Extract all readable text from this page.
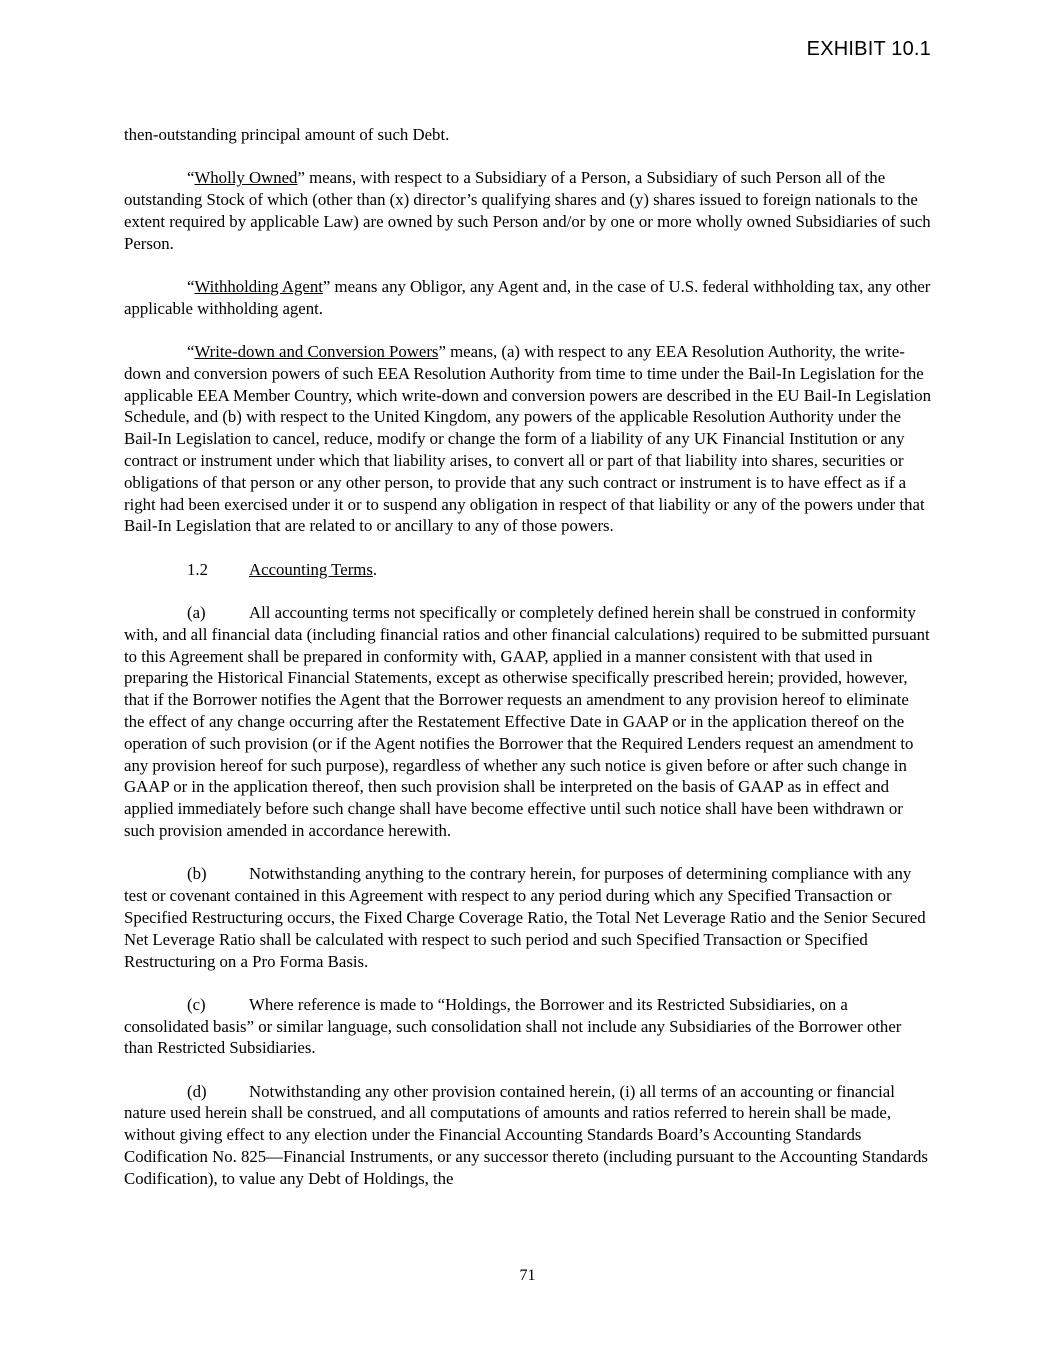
EXHIBIT 10.1

then-outstanding principal amount of such Debt.

“Wholly Owned” means, with respect to a Subsidiary of a Person, a Subsidiary of such Person all of the outstanding Stock of which (other than (x) director’s qualifying shares and (y) shares issued to foreign nationals to the extent required by applicable Law) are owned by such Person and/or by one or more wholly owned Subsidiaries of such Person.

“Withholding Agent” means any Obligor, any Agent and, in the case of U.S. federal withholding tax, any other applicable withholding agent.

“Write-down and Conversion Powers” means, (a) with respect to any EEA Resolution Authority, the write-down and conversion powers of such EEA Resolution Authority from time to time under the Bail-In Legislation for the applicable EEA Member Country, which write-down and conversion powers are described in the EU Bail-In Legislation Schedule, and (b) with respect to the United Kingdom, any powers of the applicable Resolution Authority under the Bail-In Legislation to cancel, reduce, modify or change the form of a liability of any UK Financial Institution or any contract or instrument under which that liability arises, to convert all or part of that liability into shares, securities or obligations of that person or any other person, to provide that any such contract or instrument is to have effect as if a right had been exercised under it or to suspend any obligation in respect of that liability or any of the powers under that Bail-In Legislation that are related to or ancillary to any of those powers.

1.2 Accounting Terms.

(a)	All accounting terms not specifically or completely defined herein shall be construed in conformity with, and all financial data (including financial ratios and other financial calculations) required to be submitted pursuant to this Agreement shall be prepared in conformity with, GAAP, applied in a manner consistent with that used in preparing the Historical Financial Statements, except as otherwise specifically prescribed herein; provided, however, that if the Borrower notifies the Agent that the Borrower requests an amendment to any provision hereof to eliminate the effect of any change occurring after the Restatement Effective Date in GAAP or in the application thereof on the operation of such provision (or if the Agent notifies the Borrower that the Required Lenders request an amendment to any provision hereof for such purpose), regardless of whether any such notice is given before or after such change in GAAP or in the application thereof, then such provision shall be interpreted on the basis of GAAP as in effect and applied immediately before such change shall have become effective until such notice shall have been withdrawn or such provision amended in accordance herewith.

(b)	Notwithstanding anything to the contrary herein, for purposes of determining compliance with any test or covenant contained in this Agreement with respect to any period during which any Specified Transaction or Specified Restructuring occurs, the Fixed Charge Coverage Ratio, the Total Net Leverage Ratio and the Senior Secured Net Leverage Ratio shall be calculated with respect to such period and such Specified Transaction or Specified Restructuring on a Pro Forma Basis.

(c)	Where reference is made to “Holdings, the Borrower and its Restricted Subsidiaries, on a consolidated basis” or similar language, such consolidation shall not include any Subsidiaries of the Borrower other than Restricted Subsidiaries.

(d)	Notwithstanding any other provision contained herein, (i) all terms of an accounting or financial nature used herein shall be construed, and all computations of amounts and ratios referred to herein shall be made, without giving effect to any election under the Financial Accounting Standards Board’s Accounting Standards Codification No. 825—Financial Instruments, or any successor thereto (including pursuant to the Accounting Standards Codification), to value any Debt of Holdings, the

71
